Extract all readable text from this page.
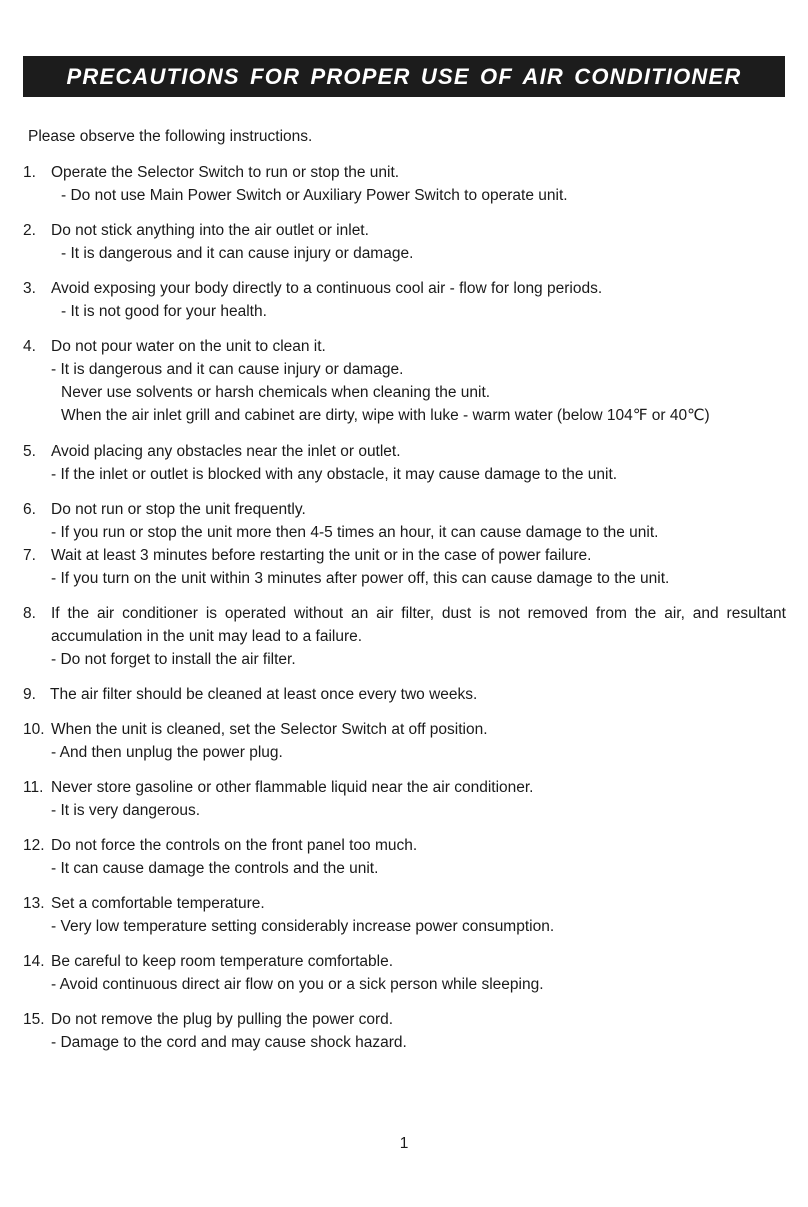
PRECAUTIONS FOR PROPER USE OF AIR CONDITIONER

Please observe the following instructions.

1. Operate the Selector Switch to run or stop the unit.
- Do not use Main Power Switch or Auxiliary Power Switch to operate unit.
2. Do not stick anything into the air outlet or inlet.
- It is dangerous and it can cause injury or damage.
3. Avoid exposing your body directly to a continuous cool air - flow for long periods.
- It is not good for your health.
4. Do not pour water on the unit to clean it.
- It is dangerous and it can cause injury or damage.
Never use solvents or harsh chemicals when cleaning the unit.
When the air inlet grill and cabinet are dirty, wipe with luke - warm water (below 104℉ or 40℃)
5. Avoid placing any obstacles near the inlet or outlet.
- If the inlet or outlet is blocked with any obstacle, it may cause damage to the unit.
6. Do not run or stop the unit frequently.
- If you run or stop the unit more then 4-5 times an hour, it can cause damage to the unit.
7. Wait at least 3 minutes before restarting the unit or in the case of power failure.
- If you turn on the unit within 3 minutes after power off, this can cause damage to the unit.
8. If the air conditioner is operated without an air filter, dust is not removed from the air, and resultant
accumulation in the unit may lead to a failure.
- Do not forget to install the air filter.
9. The air filter should be cleaned at least once every two weeks.
10. When the unit is cleaned, set the Selector Switch at off position.
- And then unplug the power plug.
11. Never store gasoline or other flammable liquid near the air conditioner.
- It is very dangerous.
12. Do not force the controls on the front panel too much.
- It can cause damage the controls and the unit.
13. Set a comfortable temperature.
- Very low temperature setting considerably increase power consumption.
14. Be careful to keep room temperature comfortable.
- Avoid continuous direct air flow on you or a sick person while sleeping.
15. Do not remove the plug by pulling the power cord.
- Damage to the cord and may cause shock hazard.
1
